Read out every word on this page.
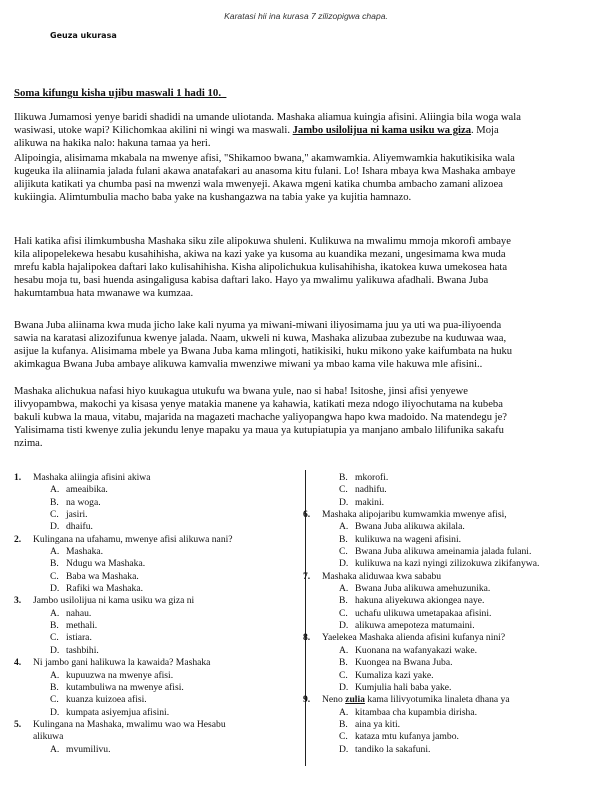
Karatasi hii ina kurasa 7 zilizopigwa chapa.
Geuza ukurasa
Soma kifungu kisha ujibu maswali 1 hadi 10.
Ilikuwa Jumamosi yenye baridi shadidi na umande uliotanda. Mashaka aliamua kuingia afisini. Aliingia bila woga wala
wasiwasi, utoke wapi? Kilichomkaa akilini ni wingi wa maswali. Jambo usilolijua ni kama usiku wa giza. Moja
alikuwa na hakika nalo: hakuna tamaa ya heri.
Alipoingia, alisimama mkabala na mwenye afisi, "Shikamoo bwana," akamwamkia. Aliyemwamkia hakutikisika wala
kugeuka ila aliinamia jalada fulani akawa anatafakari au anasoma kitu fulani. Lo! Ishara mbaya kwa Mashaka ambaye
alijikuta katikati ya chumba pasi na mwenzi wala mwenyeji. Akawa mgeni katika chumba ambacho zamani alizoea
kukiingia. Alimtumbulia macho baba yake na kushangazwa na tabia yake ya kujitia hamnazo.
Hali katika afisi ilimkumbusha Mashaka siku zile alipokuwa shuleni. Kulikuwa na mwalimu mmoja mkorofi ambaye
kila alipopelekewa hesabu kusahihisha, akiwa na kazi yake ya kusoma au kuandika mezani, ungesimama kwa muda
mrefu kabla hajalipokea daftari lako kulisahihisha. Kisha alipolichukua kulisahihisha, ikatokea kuwa umekosea hata
hesabu moja tu, basi huenda asingaligusa kabisa daftari lako. Hayo ya mwalimu yalikuwa afadhali. Bwana Juba
hakumtambua hata mwanawe wa kumzaa.
Bwana Juba aliinama kwa muda jicho lake kali nyuma ya miwani-miwani iliyosimama juu ya uti wa pua-iliyoenda
sawia na karatasi alizozifunua kwenye jalada. Naam, ukweli ni kuwa, Mashaka alizubaa zubezube na kuduwaa waa,
asijue la kufanya. Alisimama mbele ya Bwana Juba kama mlingoti, hatikisiki, huku mikono yake kaifumbata na huku
akimkagua Bwana Juba ambaye alikuwa kamvalia mwenziwe miwani ya mbao kama vile hakuwa mle afisini..
Mashaka alichukua nafasi hiyo kuukagua utukufu wa bwana yule, nao si haba! Isitoshe, jinsi afisi yenyewe
ilivyopambwa, makochi ya kisasa yenye matakia manene ya kahawia, katikati meza ndogo iliyochutama na kubeba
bakuli kubwa la maua, vitabu, majarida na magazeti machache yaliyopangwa hapo kwa madoido. Na matendegu je?
Yalisimama tisti kwenye zulia jekundu lenye mapaku ya maua ya kutupiatupia ya manjano ambalo lilifunika sakafu
nzima.
1. Mashaka aliingia afisini akiwa
A. ameaibika.
B. na woga.
C. jasiri.
D. dhaifu.
2. Kulingana na ufahamu, mwenye afisi alikuwa nani?
A. Mashaka.
B. Ndugu wa Mashaka.
C. Baba wa Mashaka.
D. Rafiki wa Mashaka.
3. Jambo usilolijua ni kama usiku wa giza ni
A. nahau.
B. methali.
C. istiara.
D. tashbihi.
4. Ni jambo gani halikuwa la kawaida? Mashaka
A. kupuuzwa na mwenye afisi.
B. kutambuliwa na mwenye afisi.
C. kuanza kuizoea afisi.
D. kumpata asiyemjua afisini.
5. Kulingana na Mashaka, mwalimu wao wa Hesabu
alikuwa
A. mvumilivu.
B. mkorofi.
C. nadhifu.
D. makini.
6. Mashaka alipojaribu kumwamkia mwenye afisi,
A. Bwana Juba alikuwa akilala.
B. kulikuwa na wageni afisini.
C. Bwana Juba alikuwa ameinamia jalada fulani.
D. kulikuwa na kazi nyingi zilizokuwa zikifanywa.
7. Mashaka aliduwaa kwa sababu
A. Bwana Juba alikuwa amehuzunika.
B. hakuna aliyekuwa akiongea naye.
C. uchafu ulikuwa umetapakaa afisini.
D. alikuwa amepoteza matumaini.
8. Yaelekea Mashaka alienda afisini kufanya nini?
A. Kuonana na wafanyakazi wake.
B. Kuongea na Bwana Juba.
C. Kumaliza kazi yake.
D. Kumjulia hali baba yake.
9. Neno zulia kama lilivyotumika linaleta dhana ya
A. kitambaa cha kupambia dirisha.
B. aina ya kiti.
C. kataza mtu kufanya jambo.
D. tandiko la sakafuni.
